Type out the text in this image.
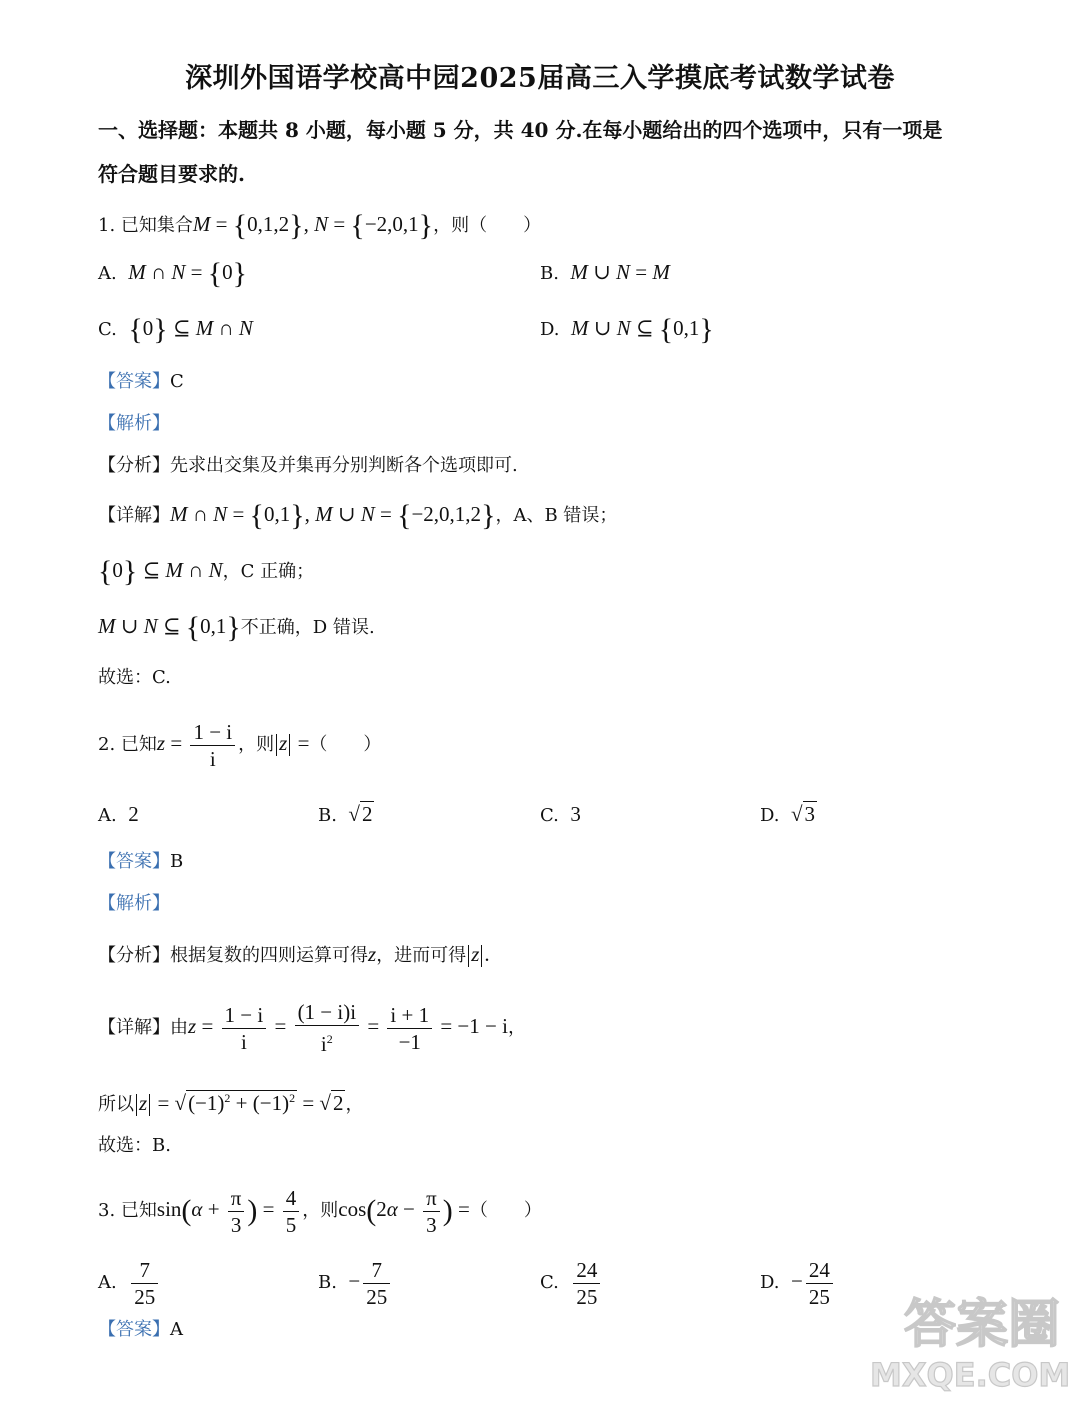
深圳外国语学校高中园2025届高三入学摸底考试数学试卷
一、选择题：本题共 8 小题，每小题 5 分，共 40 分.在每小题给出的四个选项中，只有一项是
符合题目要求的.
1. 已知集合M = {0,1,2}, N = {−2,0,1}，则（　　）
A. M ∩ N = {0}	B. M ∪ N = M
C. {0} ⊆ M ∩ N	D. M ∪ N ⊆ {0,1}
【答案】C
【解析】
【分析】先求出交集及并集再分别判断各个选项即可.
【详解】M ∩ N = {0,1}, M ∪ N = {−2,0,1,2}，A、B 错误；
{0} ⊆ M ∩ N，C 正确；
M ∪ N ⊆ {0,1}不正确，D 错误.
故选：C.
2. 已知$z = \frac{1 - i}{i}$ ，则 z =（　　）
A. 2	B. √2	C. 3	D. √3
【答案】B
【解析】
【分析】根据复数的四则运算可得z，进而可得 z .
【详解】由$z = \frac{1 - i}{i} = \frac{(1 - i)i}{i^2} = \frac{i + 1}{-1} = -1 - i$，
所以 $z = √(-1)^2 + (-1)^2 = √2$ ，
故选：B.
3. 已知$\sin(\alpha + \frac{\pi}{3}$ ) = $\frac{4}{5}$ ，则$\cos(2\alpha - \frac{\pi}{3}$ ) =（　　）
A. $\frac{7}{25}$	B. − $\frac{7}{25}$	C. $\frac{24}{25}$	D. − $\frac{24}{25}$
【答案】A	答案圈
MXQE.COM
